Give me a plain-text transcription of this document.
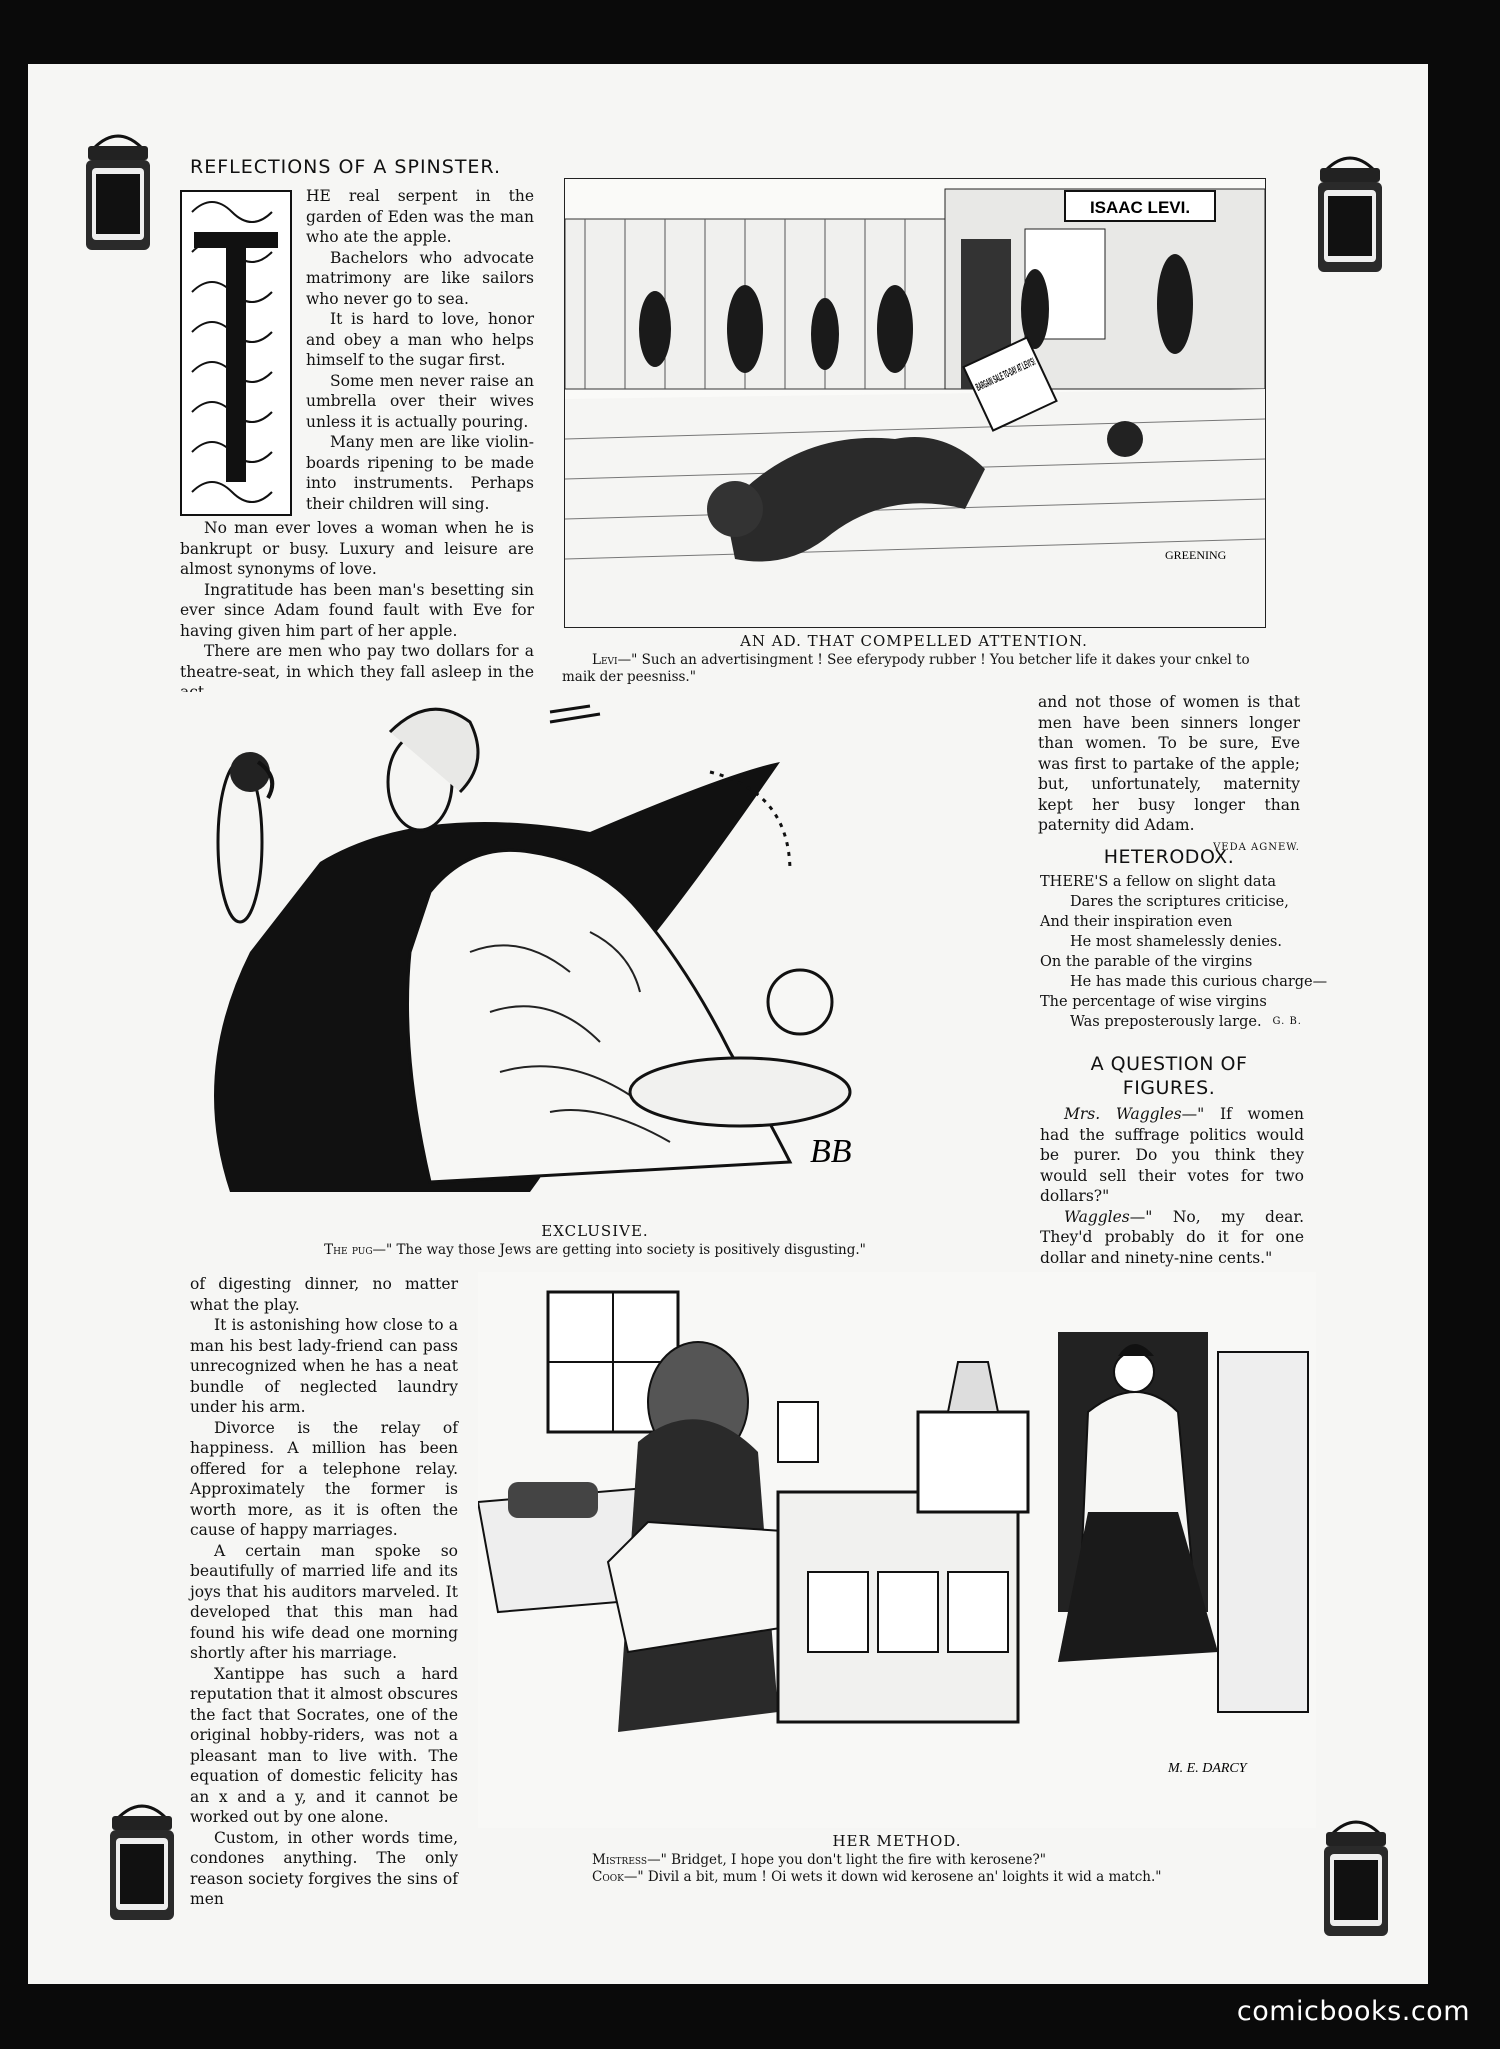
REFLECTIONS OF A SPINSTER.

HE real serpent in the garden of Eden was the man who ate the apple.

Bachelors who advocate matrimony are like sailors who never go to sea.

It is hard to love, honor and obey a man who helps himself to the sugar first.

Some men never raise an umbrella over their wives unless it is actually pouring.

Many men are like violin-boards ripening to be made into instruments. Perhaps their children will sing.

No man ever loves a woman when he is bankrupt or busy. Luxury and leisure are almost synonyms of love.

Ingratitude has been man's besetting sin ever since Adam found fault with Eve for having given him part of her apple.

There are men who pay two dollars for a theatre-seat, in which they fall asleep in the

ISAAC LEVI.
GREENING
AN AD. THAT COMPELLED ATTENTION.
Levi—" Such an advertisingment ! See eferypody rubber ! You betcher life it dakes your cnkel to maik der peesniss."
BB
EXCLUSIVE.
The pug—" The way those Jews are getting into society is positively disgusting."

and not those of women is that men have been sinners longer than women. To be sure, Eve was first to partake of the apple; but, unfortunately, maternity kept her busy longer than paternity did Adam.

VEDA AGNEW.
HETERODOX.
THERE'S a fellow on slight data
Dares the scriptures criticise,
And their inspiration even
He most shamelessly denies.
On the parable of the virgins
He has made this curious charge—
The percentage of wise virgins
Was preposterously large.	G. B.
A QUESTION OF
FIGURES.

Mrs. Waggles—" If women had the suffrage politics would be purer. Do you think they would sell their votes for two dollars?"

Waggles—" No, my dear. They'd probably do it for one dollar and ninety-nine cents."

of digesting dinner, no matter what the play.

It is astonishing how close to a man his best lady-friend can pass unrecognized when he has a neat bundle of neglected laundry under his arm.

Divorce is the relay of happiness. A million has been offered for a telephone relay. Approximately the former is worth more, as it is often the cause of happy marriages.

A certain man spoke so beautifully of married life and its joys that his auditors marveled. It developed that this man had found his wife dead one morning shortly after his marriage.

Xantippe has such a hard reputation that it almost obscures the fact that Socrates, one of the original hobby-riders, was not a pleasant man to live with. The equation of domestic felicity has an x and a y, and it cannot be worked out by one alone.

Custom, in other words time, condones anything. The only reason society forgives the sins of men

M. E. DARCY
HER METHOD.
Mistress—" Bridget, I hope you don't light the fire with kerosene?"
Cook—" Divil a bit, mum ! Oi wets it down wid kerosene an' loights it wid a match."
comicbooks.com
